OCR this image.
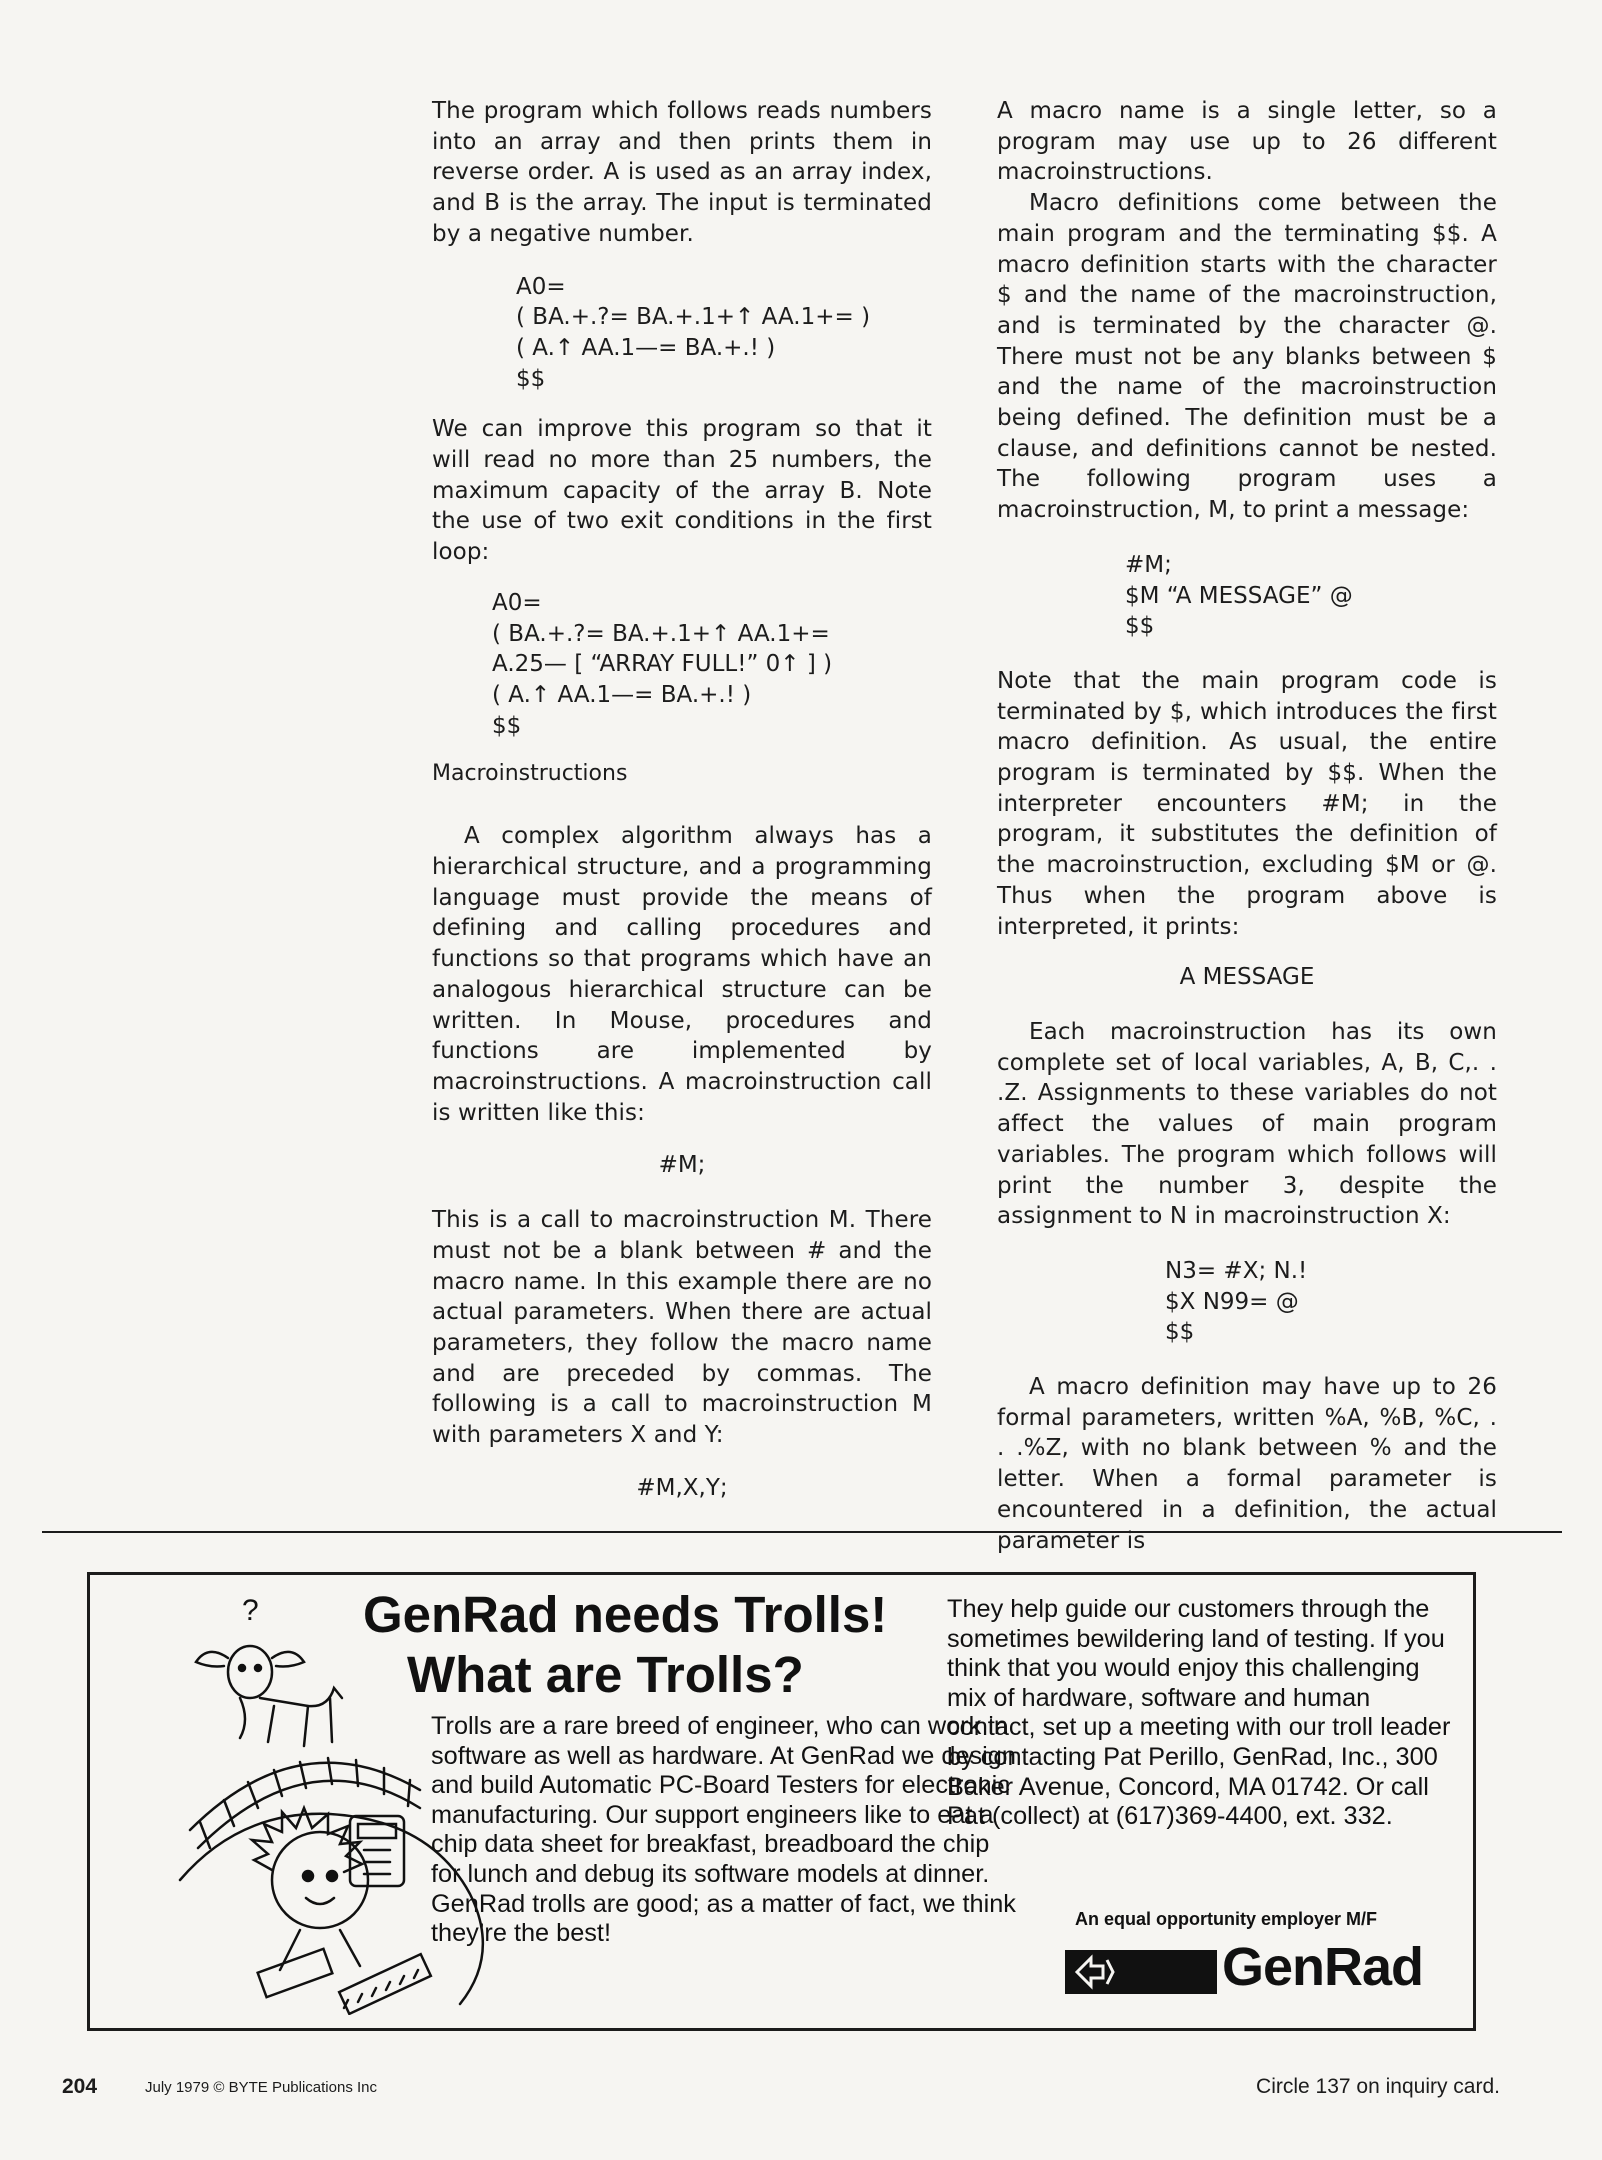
The program which follows reads numbers into an array and then prints them in reverse order. A is used as an array index, and B is the array. The input is terminated by a negative number.

A0=
( BA.+.?= BA.+.1+↑ AA.1+= )
( A.↑ AA.1—= BA.+.! )
$$

We can improve this program so that it will read no more than 25 numbers, the maximum capacity of the array B. Note the use of two exit conditions in the first loop:

A0=
( BA.+.?= BA.+.1+↑ AA.1+=
A.25— [ “ARRAY FULL!” 0↑ ] )
( A.↑ AA.1—= BA.+.! )
$$
Macroinstructions

A complex algorithm always has a hierarchical structure, and a programming language must provide the means of defining and calling procedures and functions so that programs which have an analogous hierarchical structure can be written. In Mouse, procedures and functions are implemented by macroinstructions. A macroinstruction call is written like this:

#M;

This is a call to macroinstruction M. There must not be a blank between # and the macro name. In this example there are no actual parameters. When there are actual parameters, they follow the macro name and are preceded by commas. The following is a call to macroinstruction M with parameters X and Y:

#M,X,Y;

A macro name is a single letter, so a program may use up to 26 different macroinstructions.

Macro definitions come between the main program and the terminating $$. A macro definition starts with the character $ and the name of the macroinstruction, and is terminated by the character @. There must not be any blanks between $ and the name of the macroinstruction being defined. The definition must be a clause, and definitions cannot be nested. The following program uses a macroinstruction, M, to print a message:

#M;
$M “A MESSAGE” @
$$

Note that the main program code is terminated by $, which introduces the first macro definition. As usual, the entire program is terminated by $$. When the interpreter encounters #M; in the program, it substitutes the definition of the macroinstruction, excluding $M or @. Thus when the program above is interpreted, it prints:

A MESSAGE

Each macroinstruction has its own complete set of local variables, A, B, C,. . .Z. Assignments to these variables do not affect the values of main program variables. The program which follows will print the number 3, despite the assignment to N in macroinstruction X:

N3= #X; N.!
$X N99= @
$$

A macro definition may have up to 26 formal parameters, written %A, %B, %C, . . .%Z, with no blank between % and the letter. When a formal parameter is encountered in a definition, the actual parameter is

? GenRad needs Trolls!
What are Trolls?
Trolls are a rare breed of engineer, who can work in software as well as hardware. At GenRad we design and build Automatic PC-Board Testers for electronic manufacturing. Our support engineers like to eat a chip data sheet for breakfast, breadboard the chip for lunch and debug its software models at dinner. GenRad trolls are good; as a matter of fact, we think they’re the best!
They help guide our customers through the sometimes bewildering land of testing. If you think that you would enjoy this challenging mix of hardware, software and human contact, set up a meeting with our troll leader by contacting Pat Perillo, GenRad, Inc., 300 Baker Avenue, Concord, MA 01742. Or call Pat (collect) at (617)369-4400, ext. 332.
An equal opportunity employer M/F
GenRad
204	July 1979 © BYTE Publications Inc	Circle 137 on inquiry card.
